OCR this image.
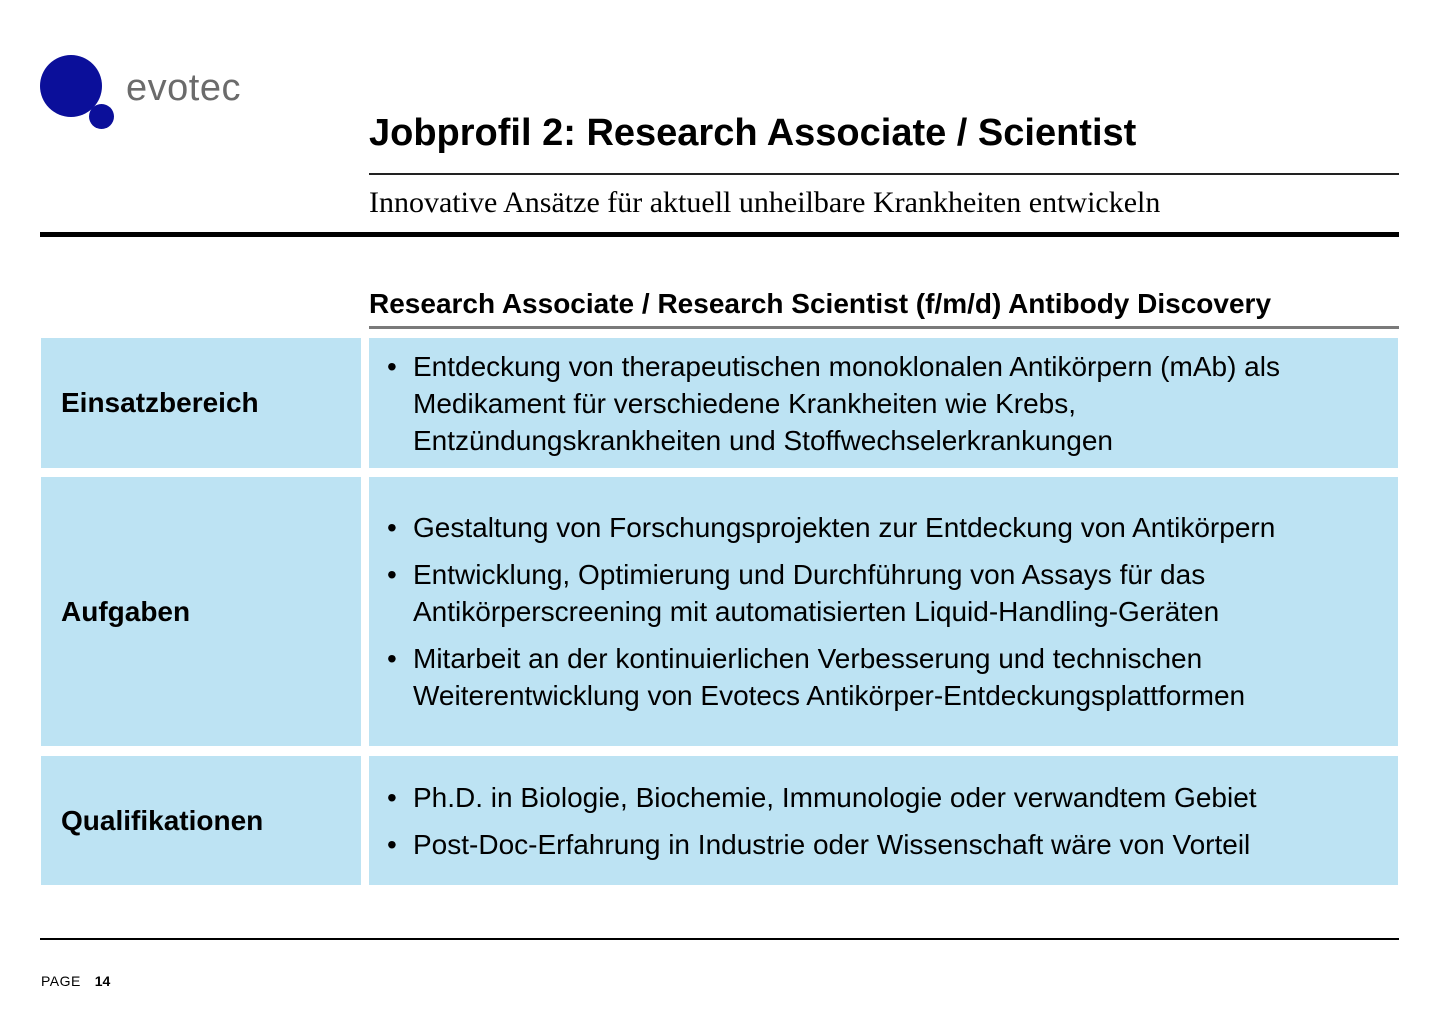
evotec
Jobprofil 2: Research Associate / Scientist
Innovative Ansätze für aktuell unheilbare Krankheiten entwickeln
Research Associate / Research Scientist (f/m/d) Antibody Discovery
Einsatzbereich
• Entdeckung von therapeutischen monoklonalen Antikörpern (mAb) als Medikament für verschiedene Krankheiten wie Krebs, Entzündungskrankheiten und Stoffwechselerkrankungen
Aufgaben
• Gestaltung von Forschungsprojekten zur Entdeckung von Antikörpern
• Entwicklung, Optimierung und Durchführung von Assays für das Antikörperscreening mit automatisierten Liquid-Handling-Geräten
• Mitarbeit an der kontinuierlichen Verbesserung und technischen Weiterentwicklung von Evotecs Antikörper-Entdeckungsplattformen
Qualifikationen
• Ph.D. in Biologie, Biochemie, Immunologie oder verwandtem Gebiet
• Post-Doc-Erfahrung in Industrie oder Wissenschaft wäre von Vorteil
PAGE 14
